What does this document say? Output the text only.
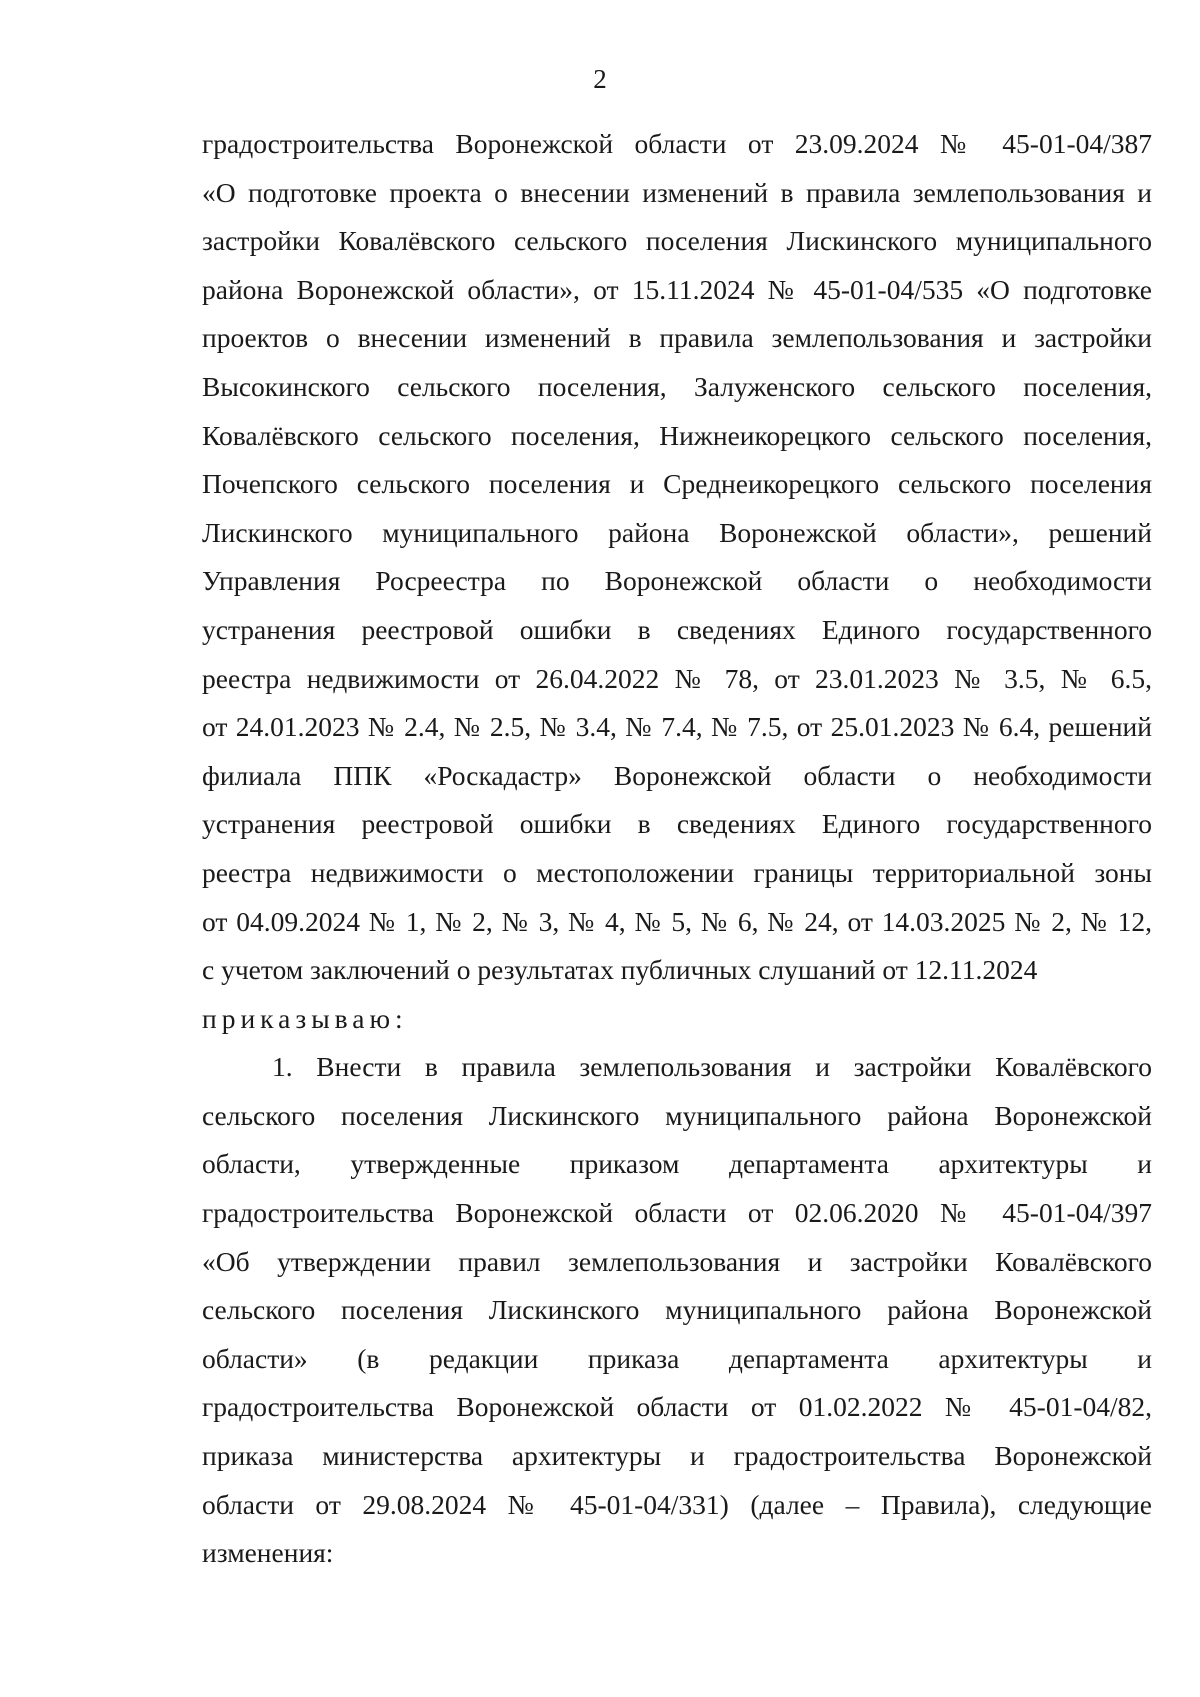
2
градостроительства Воронежской области от 23.09.2024 № 45-01-04/387
«О подготовке проекта о внесении изменений в правила землепользования и
застройки Ковалёвского сельского поселения Лискинского муниципального
района Воронежской области», от 15.11.2024 № 45-01-04/535 «О подготовке
проектов о внесении изменений в правила землепользования и застройки
Высокинского сельского поселения, Залуженского сельского поселения,
Ковалёвского сельского поселения, Нижнеикорецкого сельского поселения,
Почепского сельского поселения и Среднеикорецкого сельского поселения
Лискинского муниципального района Воронежской области», решений
Управления Росреестра по Воронежской области о необходимости
устранения реестровой ошибки в сведениях Единого государственного
реестра недвижимости от 26.04.2022 № 78, от 23.01.2023 № 3.5, № 6.5,
от 24.01.2023 № 2.4, № 2.5, № 3.4, № 7.4, № 7.5, от 25.01.2023 № 6.4, решений
филиала ППК «Роскадастр» Воронежской области о необходимости
устранения реестровой ошибки в сведениях Единого государственного
реестра недвижимости о местоположении границы территориальной зоны
от 04.09.2024 № 1, № 2, № 3, № 4, № 5, № 6, № 24, от 14.03.2025 № 2, № 12,
с учетом заключений о результатах публичных слушаний от 12.11.2024
приказываю:
1. Внести в правила землепользования и застройки Ковалёвского
сельского поселения Лискинского муниципального района Воронежской
области, утвержденные приказом департамента архитектуры и
градостроительства Воронежской области от 02.06.2020 № 45-01-04/397
«Об утверждении правил землепользования и застройки Ковалёвского
сельского поселения Лискинского муниципального района Воронежской
области» (в редакции приказа департамента архитектуры и
градостроительства Воронежской области от 01.02.2022 № 45-01-04/82,
приказа министерства архитектуры и градостроительства Воронежской
области от 29.08.2024 № 45-01-04/331) (далее – Правила), следующие
изменения:
